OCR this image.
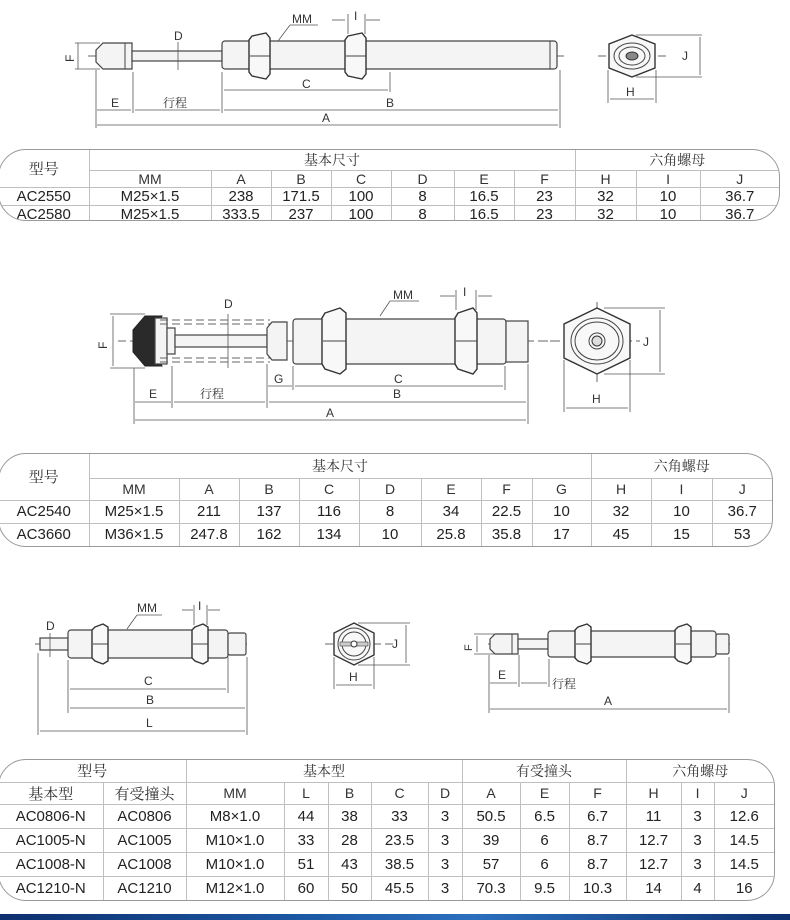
D
F
MM	I
C
E	行程	B
A
J
H
型号	基本尺寸							六角螺母		
	MM	A	B	C	D	E	F	H	I	J
AC2550	M25×1.5	238	171.5	100	8	16.5	23	32	10	36.7
AC2580	M25×1.5	333.5	237	100	8	16.5	23	32	10	36.7
D
F
MM	I
G	C
E	行程	B
A
J
H
型号	基本尺寸								六角螺母		
	MM	A	B	C	D	E	F	G	H	I	J
AC2540	M25×1.5	211	137	116	8	34	22.5	10	32	10	36.7
AC3660	M36×1.5	247.8	162	134	10	25.8	35.8	17	45	15	53
D
MM	I
C
B
L
J
H
F
E
行程
A
型号		基本型					有受撞头			六角螺母		
基本型	有受撞头	MM	L	B	C	D	A	E	F	H	I	J
AC0806-N	AC0806	M8×1.0	44	38	33	3	50.5	6.5	6.7	11	3	12.6
AC1005-N	AC1005	M10×1.0	33	28	23.5	3	39	6	8.7	12.7	3	14.5
AC1008-N	AC1008	M10×1.0	51	43	38.5	3	57	6	8.7	12.7	3	14.5
AC1210-N	AC1210	M12×1.0	60	50	45.5	3	70.3	9.5	10.3	14	4	16
